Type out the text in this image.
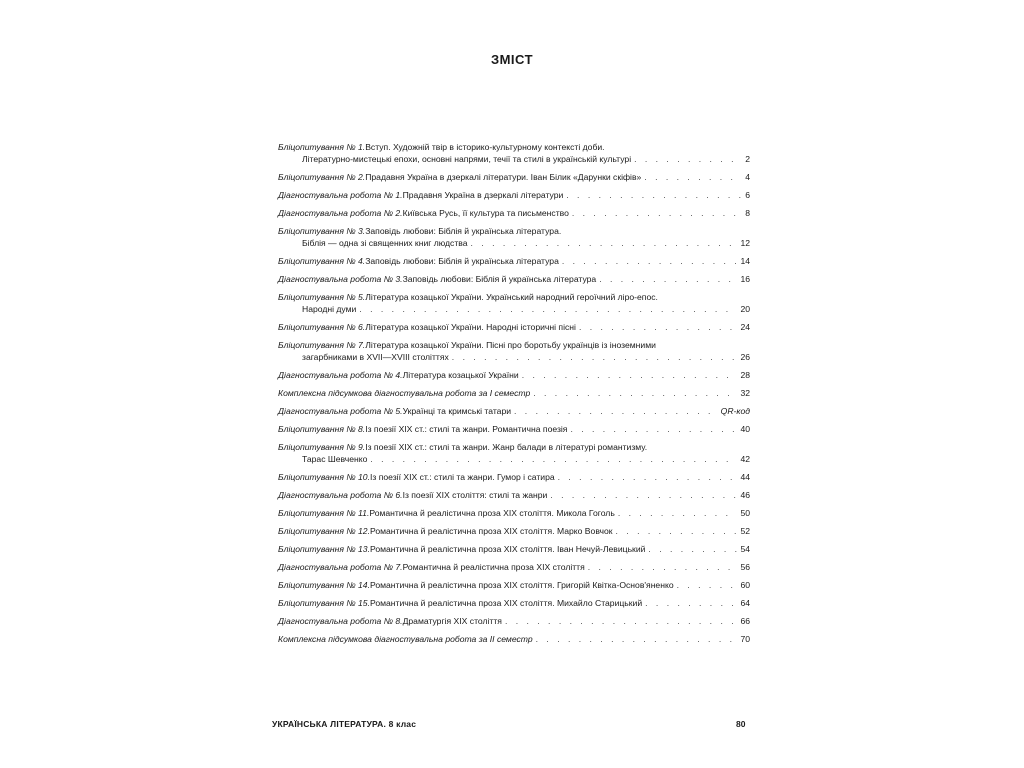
ЗМІСТ
Бліцопитування № 1. Вступ. Художній твір в історико-культурному контексті доби.
Літературно-мистецькі епохи, основні напрями, течії та стилі в українській культурі . . .	2
Бліцопитування № 2. Прадавня Україна в дзеркалі літератури. Іван Білик «Дарунки скіфів» . . .	4
Діагностувальна робота № 1. Прадавня Україна в дзеркалі літератури . . .	6
Діагностувальна робота № 2. Київська Русь, її культура та письменство . . .	8
Бліцопитування № 3. Заповідь любови: Біблія й українська література.
Біблія — одна зі священних книг людства . . .	12
Бліцопитування № 4. Заповідь любови: Біблія й українська література . . .	14
Діагностувальна робота № 3. Заповідь любови: Біблія й українська література . . .	16
Бліцопитування № 5. Література козацької України. Український народний героїчний ліро-епос.
Народні думи . . .	20
Бліцопитування № 6. Література козацької України. Народні історичні пісні . . .	24
Бліцопитування № 7. Література козацької України. Пісні про боротьбу українців із іноземними
загарбниками в XVII—XVIII століттях . . .	26
Діагностувальна робота № 4. Література козацької України . . .	28
Комплексна підсумкова діагностувальна робота за I семестр . . .	32
Діагностувальна робота № 5. Українці та кримські татари . . .	QR-код
Бліцопитування № 8. Із поезії XIX ст.: стилі та жанри. Романтична поезія . . .	40
Бліцопитування № 9. Із поезії XIX ст.: стилі та жанри. Жанр балади в літературі романтизму.
Тарас Шевченко . . .	42
Бліцопитування № 10. Із поезії XIX ст.: стилі та жанри. Гумор і сатира . . .	44
Діагностувальна робота № 6. Із поезії XIX століття: стилі та жанри . . .	46
Бліцопитування № 11. Романтична й реалістична проза XIX століття. Микола Гоголь . . .	50
Бліцопитування № 12. Романтична й реалістична проза XIX століття. Марко Вовчок . . .	52
Бліцопитування № 13. Романтична й реалістична проза XIX століття. Іван Нечуй-Левицький . . .	54
Діагностувальна робота № 7. Романтична й реалістична проза XIX століття . . .	56
Бліцопитування № 14. Романтична й реалістична проза XIX століття. Григорій Квітка-Основ'яненко . . .	60
Бліцопитування № 15. Романтична й реалістична проза XIX століття. Михайло Старицький . . .	64
Діагностувальна робота № 8. Драматургія XIX століття . . .	66
Комплексна підсумкова діагностувальна робота за II семестр . . .	70
УКРАЇНСЬКА ЛІТЕРАТУРА. 8 клас	80
